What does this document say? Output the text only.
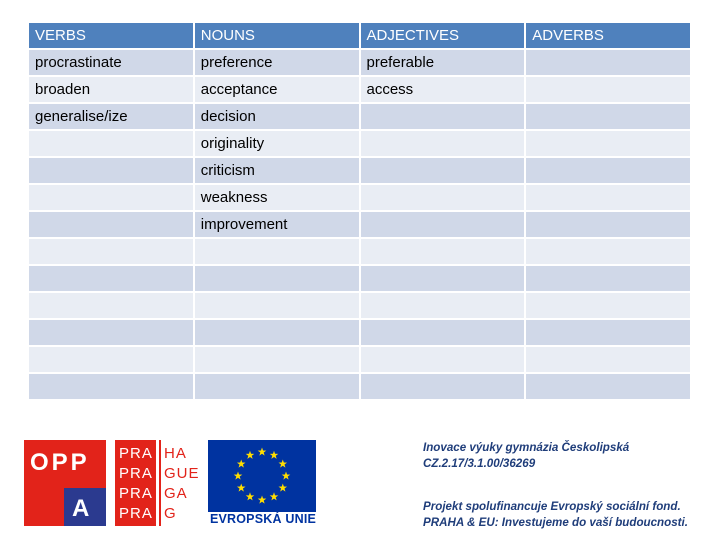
VERBS	NOUNS	ADJECTIVES	ADVERBS
procrastinate	preference	preferable	
broaden	acceptance	access	
generalise/ize	decision		
	originality		
	criticism		
	weakness		
	improvement		

OPP
A
PRA
PRA
PRA
PRA
HA
GUE
GA
G	EVROPSKÁ UNIE
Inovace výuky gymnázia Českolipská
CZ.2.17/3.1.00/36269
Projekt spolufinancuje Evropský sociální fond.
PRAHA & EU: Investujeme do vaší budoucnosti.
